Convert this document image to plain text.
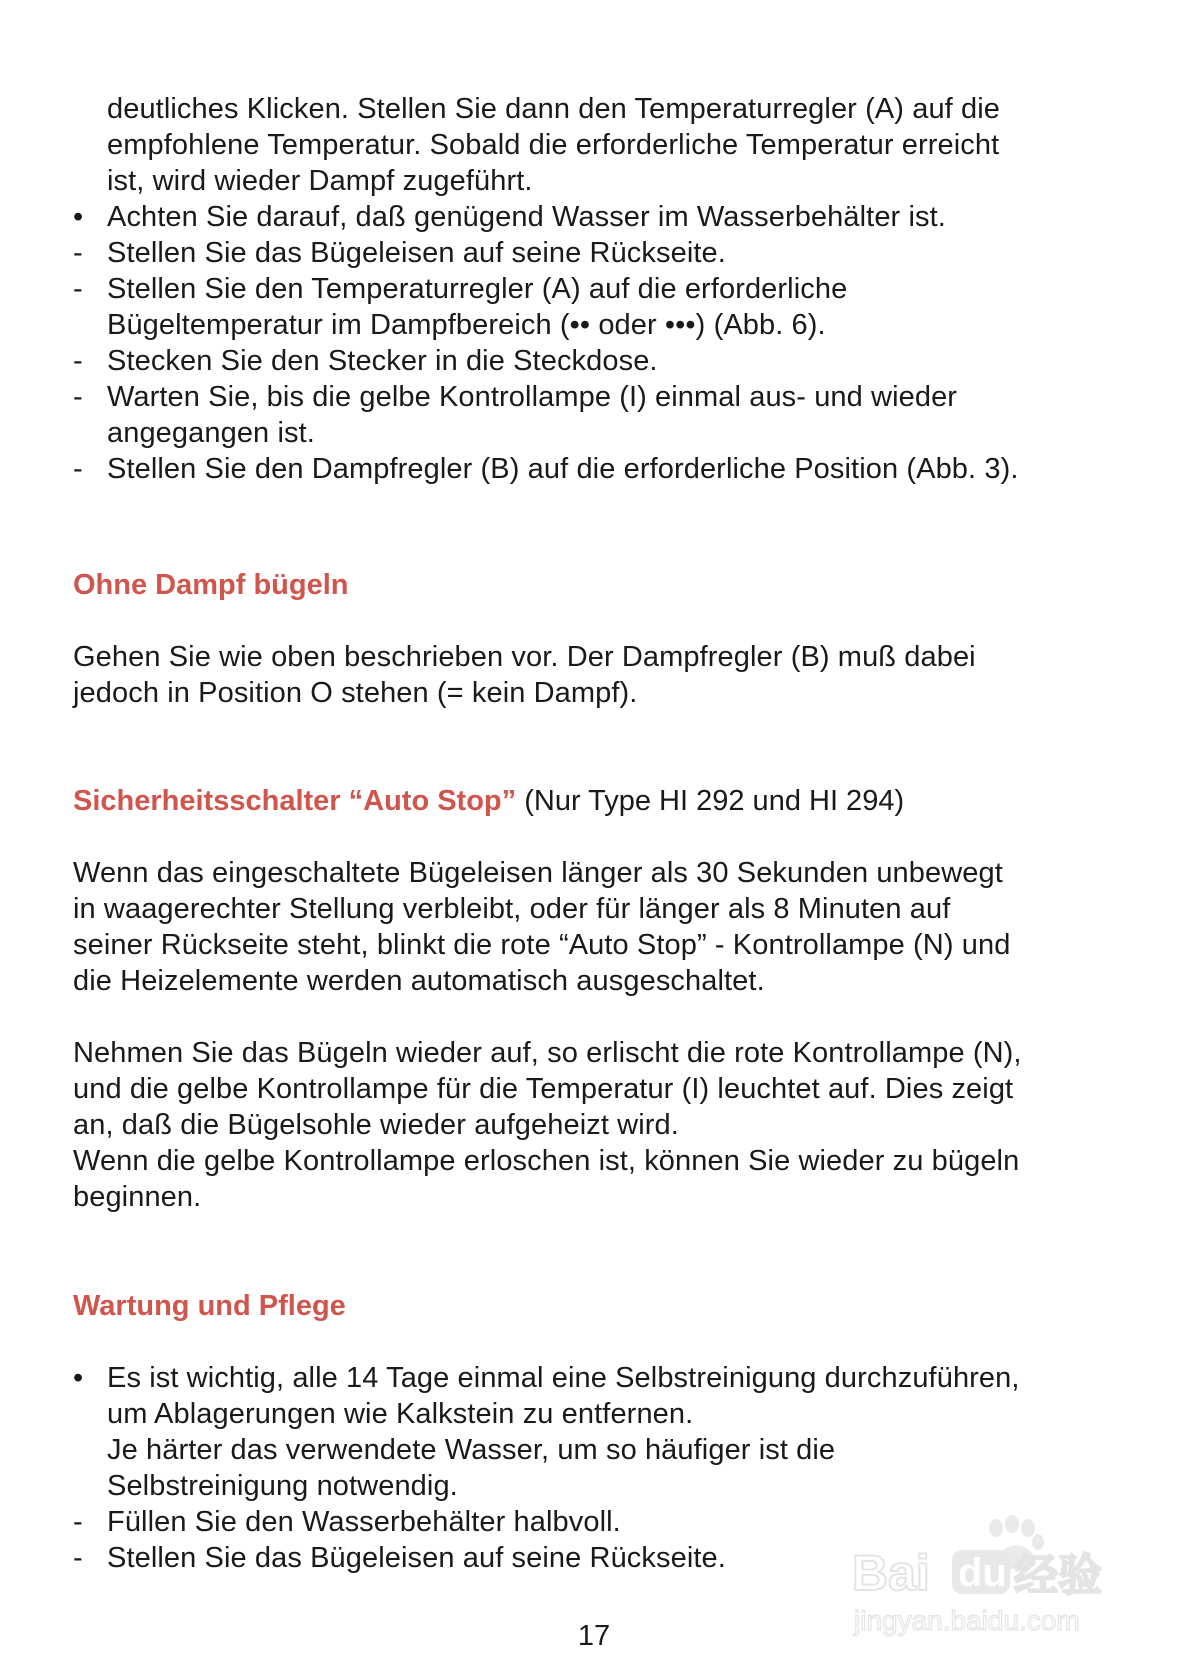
deutliches Klicken. Stellen Sie dann den Temperaturregler (A) auf die
empfohlene Temperatur. Sobald die erforderliche Temperatur erreicht
ist, wird wieder Dampf zugeführt.
• Achten Sie darauf, daß genügend Wasser im Wasserbehälter ist.
- Stellen Sie das Bügeleisen auf seine Rückseite.
- Stellen Sie den Temperaturregler (A) auf die erforderliche
Bügeltemperatur im Dampfbereich (•• oder •••) (Abb. 6).
- Stecken Sie den Stecker in die Steckdose.
- Warten Sie, bis die gelbe Kontrollampe (I) einmal aus- und wieder
angegangen ist.
- Stellen Sie den Dampfregler (B) auf die erforderliche Position (Abb. 3).
Ohne Dampf bügeln
Gehen Sie wie oben beschrieben vor. Der Dampfregler (B) muß dabei
jedoch in Position O stehen (= kein Dampf).
Sicherheitsschalter “Auto Stop” (Nur Type HI 292 und HI 294)
Wenn das eingeschaltete Bügeleisen länger als 30 Sekunden unbewegt
in waagerechter Stellung verbleibt, oder für länger als 8 Minuten auf
seiner Rückseite steht, blinkt die rote “Auto Stop” - Kontrollampe (N) und
die Heizelemente werden automatisch ausgeschaltet.
Nehmen Sie das Bügeln wieder auf, so erlischt die rote Kontrollampe (N),
und die gelbe Kontrollampe für die Temperatur (I) leuchtet auf. Dies zeigt
an, daß die Bügelsohle wieder aufgeheizt wird.
Wenn die gelbe Kontrollampe erloschen ist, können Sie wieder zu bügeln
beginnen.
Wartung und Pflege
• Es ist wichtig, alle 14 Tage einmal eine Selbstreinigung durchzuführen,
um Ablagerungen wie Kalkstein zu entfernen.
Je härter das verwendete Wasser, um so häufiger ist die
Selbstreinigung notwendig.
- Füllen Sie den Wasserbehälter halbvoll.
- Stellen Sie das Bügeleisen auf seine Rückseite.	Bai du 经验
jingyan.baidu.com
17
